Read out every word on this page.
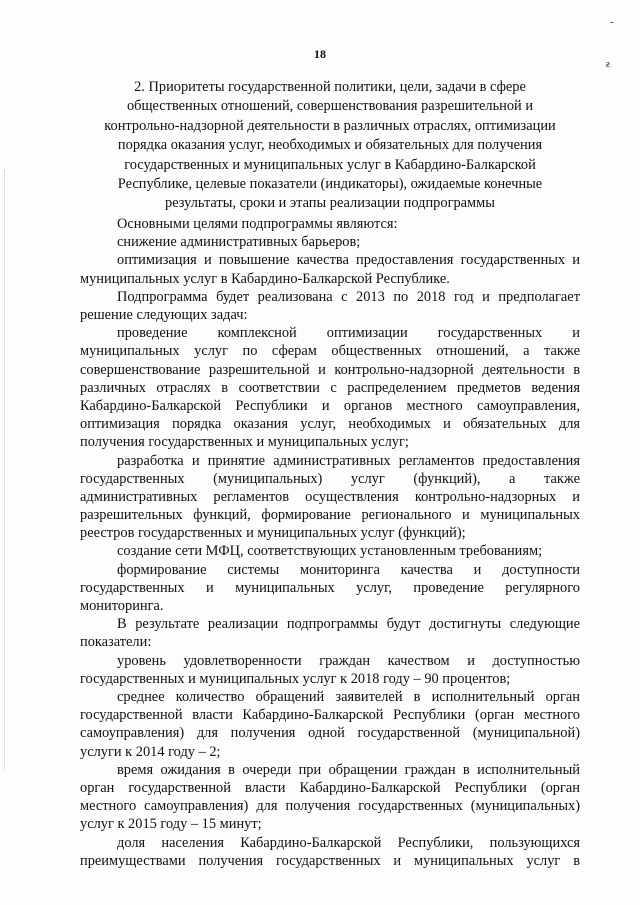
‐
ƨ
18
2. Приоритеты государственной политики, цели, задачи в сфере
общественных отношений, совершенствования разрешительной и
контрольно-надзорной деятельности в различных отраслях, оптимизации
порядка оказания услуг, необходимых и обязательных для получения
государственных и муниципальных услуг в Кабардино-Балкарской
Республике, целевые показатели (индикаторы), ожидаемые конечные
результаты, сроки и этапы реализации подпрограммы
Основными целями подпрограммы являются:
снижение административных барьеров;
оптимизация и повышение качества предоставления государственных и
муниципальных услуг в Кабардино-Балкарской Республике.
Подпрограмма будет реализована с 2013 по 2018 год и предполагает
решение следующих задач:
проведение комплексной оптимизации государственных и
муниципальных услуг по сферам общественных отношений, а также
совершенствование разрешительной и контрольно-надзорной деятельности в
различных отраслях в соответствии с распределением предметов ведения
Кабардино-Балкарской Республики и органов местного самоуправления,
оптимизация порядка оказания услуг, необходимых и обязательных для
получения государственных и муниципальных услуг;
разработка и принятие административных регламентов предоставления
государственных (муниципальных) услуг (функций), а также
административных регламентов осуществления контрольно-надзорных и
разрешительных функций, формирование регионального и муниципальных
реестров государственных и муниципальных услуг (функций);
создание сети МФЦ, соответствующих установленным требованиям;
формирование системы мониторинга качества и доступности
государственных и муниципальных услуг, проведение регулярного
мониторинга.
В результате реализации подпрограммы будут достигнуты следующие
показатели:
уровень удовлетворенности граждан качеством и доступностью
государственных и муниципальных услуг к 2018 году – 90 процентов;
среднее количество обращений заявителей в исполнительный орган
государственной власти Кабардино-Балкарской Республики (орган местного
самоуправления) для получения одной государственной (муниципальной)
услуги к 2014 году – 2;
время ожидания в очереди при обращении граждан в исполнительный
орган государственной власти Кабардино-Балкарской Республики (орган
местного самоуправления) для получения государственных (муниципальных)
услуг к 2015 году – 15 минут;
доля населения Кабардино-Балкарской Республики, пользующихся
преимуществами получения государственных и муниципальных услуг в
